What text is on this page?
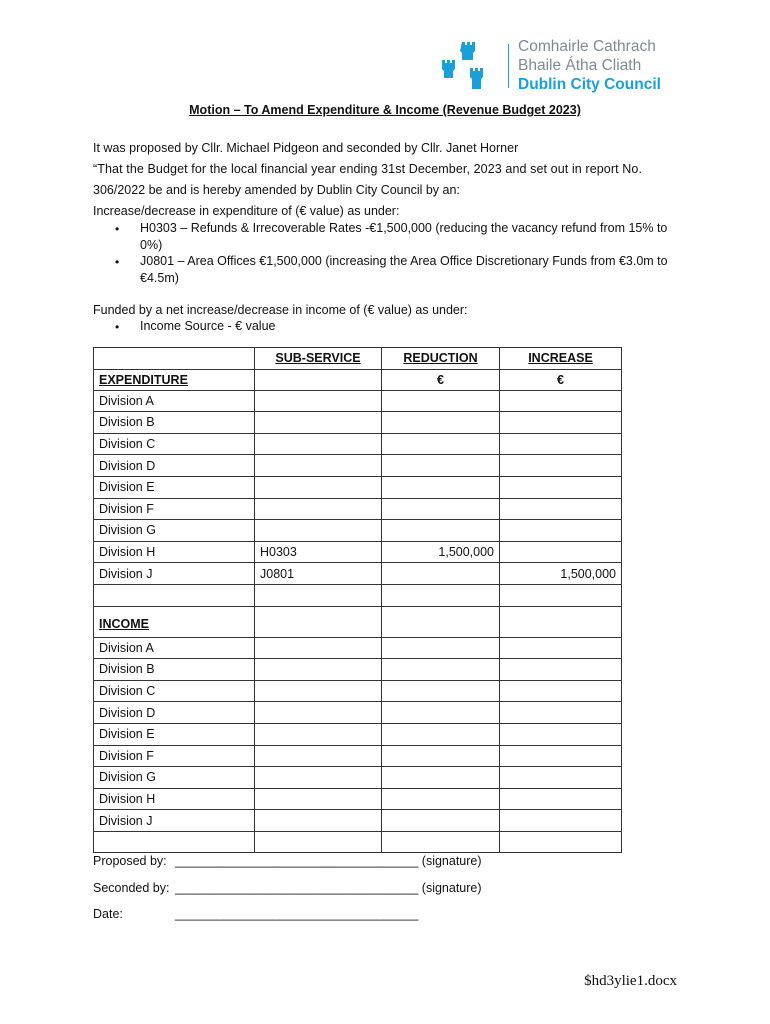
Comhairle Cathrach
Bhaile Átha Cliath
Dublin City Council
Motion – To Amend Expenditure & Income (Revenue Budget 2023)
It was proposed by Cllr. Michael Pidgeon and seconded by Cllr. Janet Horner
“That the Budget for the local financial year ending 31st December, 2023 and set out in report No.
306/2022 be and is hereby amended by Dublin City Council by an:
Increase/decrease in expenditure of (€ value) as under:
•	H0303 – Refunds & Irrecoverable Rates -€1,500,000 (reducing the vacancy refund from 15% to 0%)
•	J0801 – Area Offices €1,500,000 (increasing the Area Office Discretionary Funds from €3.0m to €4.5m)
Funded by a net increase/decrease in income of (€ value) as under:
•	Income Source - € value
	SUB-SERVICE	REDUCTION	INCREASE
EXPENDITURE		€	€
Division A			
Division B			
Division C			
Division D			
Division E			
Division F			
Division G			
Division H	H0303	1,500,000	
Division J	J0801		1,500,000

INCOME			
Division A			
Division B			
Division C			
Division D			
Division E			
Division F			
Division G			
Division H			
Division J			

Proposed by: ___________________________________ (signature)
Seconded by: ___________________________________ (signature)
Date:	___________________________________
$hd3ylie1.docx
